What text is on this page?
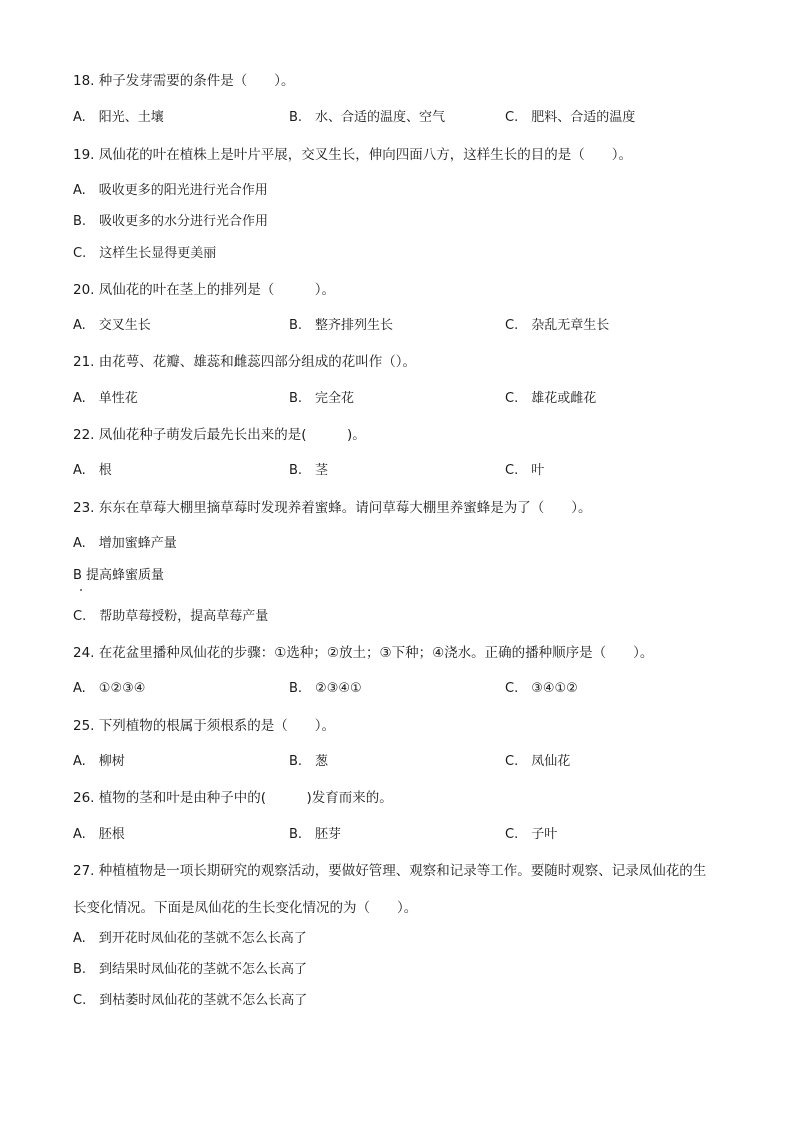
18. 种子发芽需要的条件是（　　）。
A.　阳光、土壤	B.　水、合适的温度、空气	C.　肥料、合适的温度
19. 凤仙花的叶在植株上是叶片平展，交叉生长，伸向四面八方，这样生长的目的是（　　）。
A.　吸收更多的阳光进行光合作用
B.　吸收更多的水分进行光合作用
C.　这样生长显得更美丽
20. 凤仙花的叶在茎上的排列是（　　　）。
A.　交叉生长	B.　整齐排列生长	C.　杂乱无章生长
21. 由花萼、花瓣、雄蕊和雌蕊四部分组成的花叫作（）。
A.　单性花	B.　完全花	C.　雄花或雌花
22. 凤仙花种子萌发后最先长出来的是(　　　)。
A.　根	B.　茎	C.　叶
23. 东东在草莓大棚里摘草莓时发现养着蜜蜂。请问草莓大棚里养蜜蜂是为了（　　）。
A.　增加蜜蜂产量
B 提高蜂蜜质量
C.　帮助草莓授粉，提高草莓产量
24. 在花盆里播种凤仙花的步骤：①选种；②放土；③下种；④浇水。正确的播种顺序是（　　）。
A.　①②③④	B.　②③④①	C.　③④①②
25. 下列植物的根属于须根系的是（　　）。
A.　柳树	B.　葱	C.　凤仙花
26. 植物的茎和叶是由种子中的(　　　)发育而来的。
A.　胚根	B.　胚芽	C.　子叶
27. 种植植物是一项长期研究的观察活动，要做好管理、观察和记录等工作。要随时观察、记录凤仙花的生
长变化情况。下面是凤仙花的生长变化情况的为（　　）。
A.　到开花时凤仙花的茎就不怎么长高了
B.　到结果时凤仙花的茎就不怎么长高了
C.　到枯萎时凤仙花的茎就不怎么长高了
